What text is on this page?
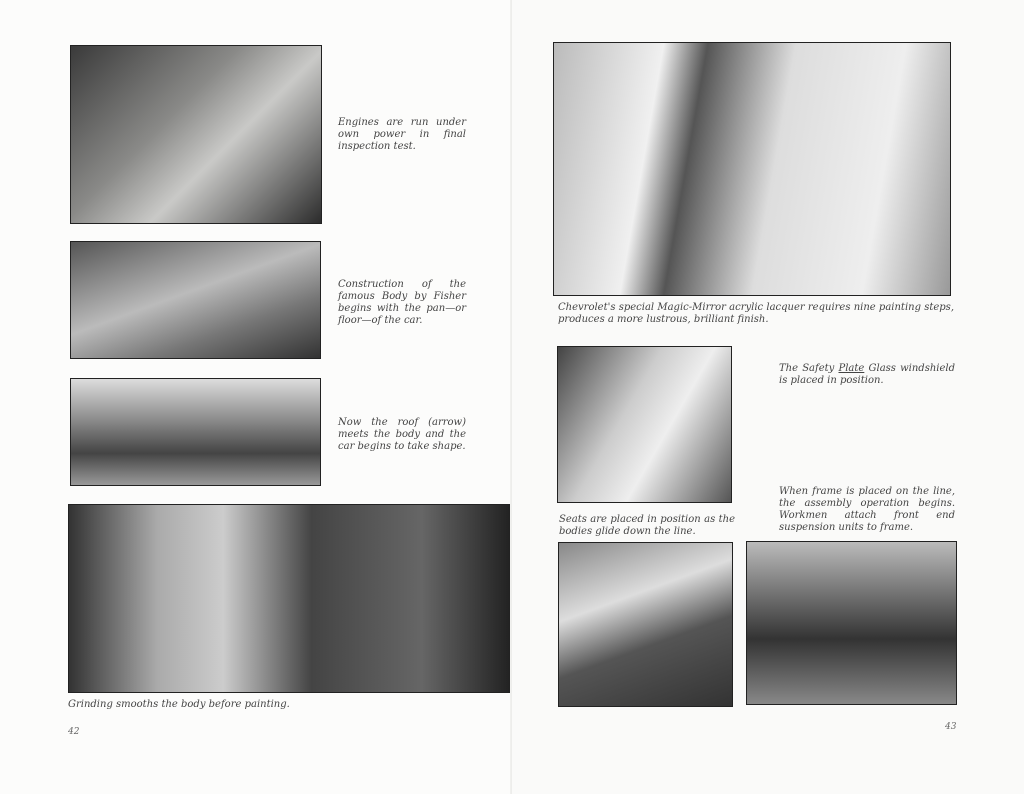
Engines are run under own power in final inspection test.
Construction of the famous Body by Fisher begins with the pan—or floor—of the car.
Now the roof (arrow) meets the body and the car begins to take shape.
Grinding smooths the body before painting.
42
Chevrolet's special Magic-Mirror acrylic lacquer requires nine painting steps, produces a more lustrous, brilliant finish.
The Safety Plate Glass windshield is placed in position.
Seats are placed in position as the bodies glide down the line.
When frame is placed on the line, the assembly operation begins. Workmen attach front end suspension units to frame.
43
